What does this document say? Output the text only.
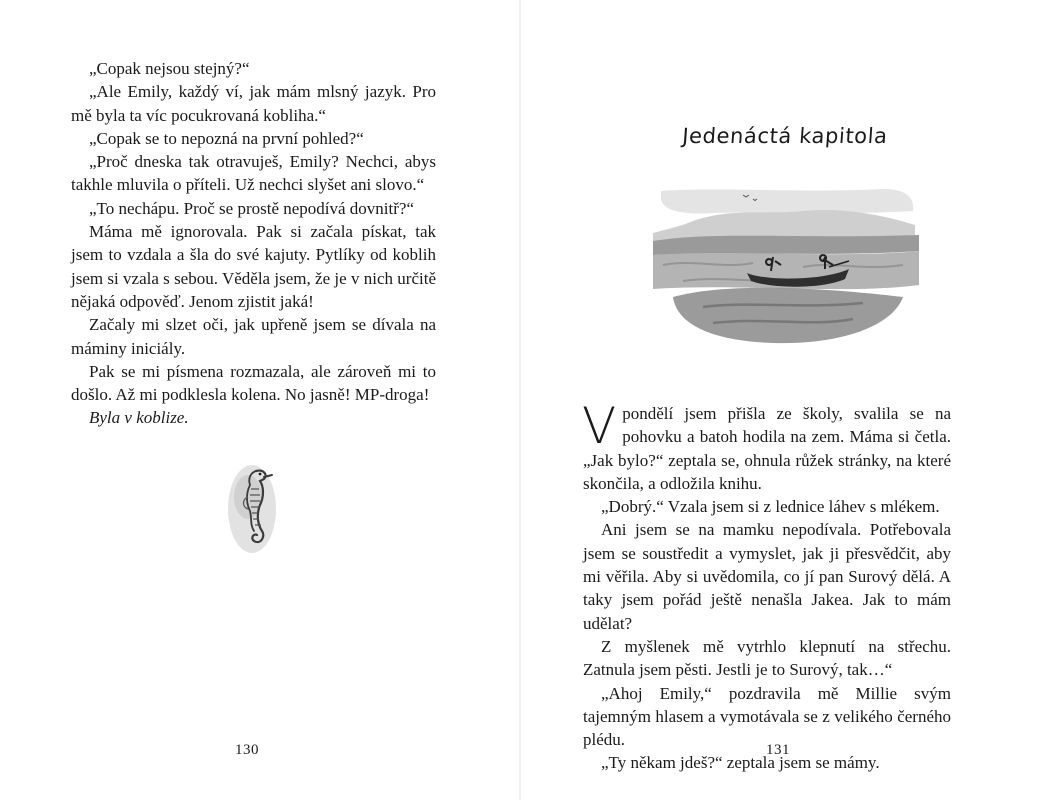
„Copak nejsou stejný?“

„Ale Emily, každý ví, jak mám mlsný jazyk. Pro mě byla ta víc pocukrovaná kobliha.“

„Copak se to nepozná na první pohled?“

„Proč dneska tak otravuješ, Emily? Nechci, abys takhle mluvila o příteli. Už nechci slyšet ani slovo.“

„To nechápu. Proč se prostě nepodívá dovnitř?“

Máma mě ignorovala. Pak si začala pískat, tak jsem to vzdala a šla do své kajuty. Pytlíky od koblih jsem si vzala s sebou. Věděla jsem, že je v nich určitě nějaká odpověď. Jenom zjistit jaká!

Začaly mi slzet oči, jak upřeně jsem se dívala na máminy iniciály.

Pak se mi písmena rozmazala, ale zároveň mi to došlo. Až mi podklesla kolena. No jasně! MP-droga!

Byla v koblize.

130
Jedenáctá kapitola

Vpondělí jsem přišla ze školy, svalila se na pohovku a batoh hodila na zem. Máma si četla. „Jak bylo?“ zeptala se, ohnula růžek stránky, na které skončila, a odložila knihu.

„Dobrý.“ Vzala jsem si z lednice láhev s mlékem.

Ani jsem se na mamku nepodívala. Potřebovala jsem se soustředit a vymyslet, jak ji přesvědčit, aby mi věřila. Aby si uvědomila, co jí pan Surový dělá. A taky jsem pořád ještě nenašla Jakea. Jak to mám udělat?

Z myšlenek mě vytrhlo klepnutí na střechu. Zatnula jsem pěsti. Jestli je to Surový, tak…“

„Ahoj Emily,“ pozdravila mě Millie svým tajemným hlasem a vymotávala se z velikého černého plédu.

„Ty někam jdeš?“ zeptala jsem se mámy.

131
